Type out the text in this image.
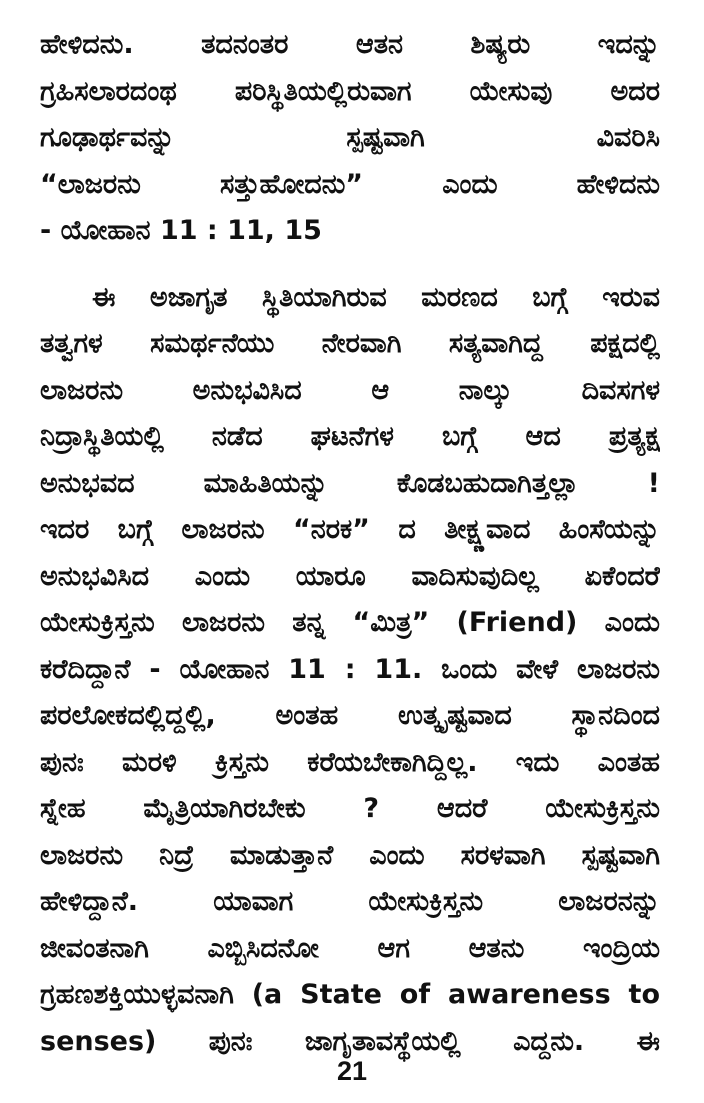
ಹೇಳಿದನು. ತದನಂತರ ಆತನ ಶಿಷ್ಯರು ಇದನ್ನು
ಗ್ರಹಿಸಲಾರದಂಥ ಪರಿಸ್ಥಿತಿಯಲ್ಲಿರುವಾಗ ಯೇಸುವು ಅದರ
ಗೂಢಾರ್ಥವನ್ನು ಸ್ಪಷ್ಟವಾಗಿ ವಿವರಿಸಿ
“ಲಾಜರನು ಸತ್ತುಹೋದನು” ಎಂದು ಹೇಳಿದನು
- ಯೋಹಾನ 11 : 11, 15
ಈ ಅಜಾಗೃತ ಸ್ಥಿತಿಯಾಗಿರುವ ಮರಣದ ಬಗ್ಗೆ ಇರುವ
ತತ್ವಗಳ ಸಮರ್ಥನೆಯು ನೇರವಾಗಿ ಸತ್ಯವಾಗಿದ್ದ ಪಕ್ಷದಲ್ಲಿ
ಲಾಜರನು ಅನುಭವಿಸಿದ ಆ ನಾಲ್ಕು ದಿವಸಗಳ
ನಿದ್ರಾಸ್ಥಿತಿಯಲ್ಲಿ ನಡೆದ ಘಟನೆಗಳ ಬಗ್ಗೆ ಆದ ಪ್ರತ್ಯಕ್ಷ
ಅನುಭವದ ಮಾಹಿತಿಯನ್ನು ಕೊಡಬಹುದಾಗಿತ್ತಲ್ಲಾ !
ಇದರ ಬಗ್ಗೆ ಲಾಜರನು “ನರಕ” ದ ತೀಕ್ಷ್ಣವಾದ ಹಿಂಸೆಯನ್ನು
ಅನುಭವಿಸಿದ ಎಂದು ಯಾರೂ ವಾದಿಸುವುದಿಲ್ಲ ಏಕೆಂದರೆ
ಯೇಸುಕ್ರಿಸ್ತನು ಲಾಜರನು ತನ್ನ “ಮಿತ್ರ” (Friend) ಎಂದು
ಕರೆದಿದ್ದಾನೆ - ಯೋಹಾನ 11 : 11. ಒಂದು ವೇಳೆ ಲಾಜರನು
ಪರಲೋಕದಲ್ಲಿದ್ದಲ್ಲಿ, ಅಂತಹ ಉತ್ಕೃಷ್ಟವಾದ ಸ್ಥಾನದಿಂದ
ಪುನಃ ಮರಳಿ ಕ್ರಿಸ್ತನು ಕರೆಯಬೇಕಾಗಿದ್ದಿಲ್ಲ. ಇದು ಎಂತಹ
ಸ್ನೇಹ ಮೈತ್ರಿಯಾಗಿರಬೇಕು ? ಆದರೆ ಯೇಸುಕ್ರಿಸ್ತನು
ಲಾಜರನು ನಿದ್ರೆ ಮಾಡುತ್ತಾನೆ ಎಂದು ಸರಳವಾಗಿ ಸ್ಪಷ್ಟವಾಗಿ
ಹೇಳಿದ್ದಾನೆ. ಯಾವಾಗ ಯೇಸುಕ್ರಿಸ್ತನು ಲಾಜರನನ್ನು
ಜೀವಂತನಾಗಿ ಎಬ್ಬಿಸಿದನೋ ಆಗ ಆತನು ಇಂದ್ರಿಯ
ಗ್ರಹಣಶಕ್ತಿಯುಳ್ಳವನಾಗಿ (a State of awareness to
senses) ಪುನಃ ಜಾಗೃತಾವಸ್ಥೆಯಲ್ಲಿ ಎದ್ದನು. ಈ
21
